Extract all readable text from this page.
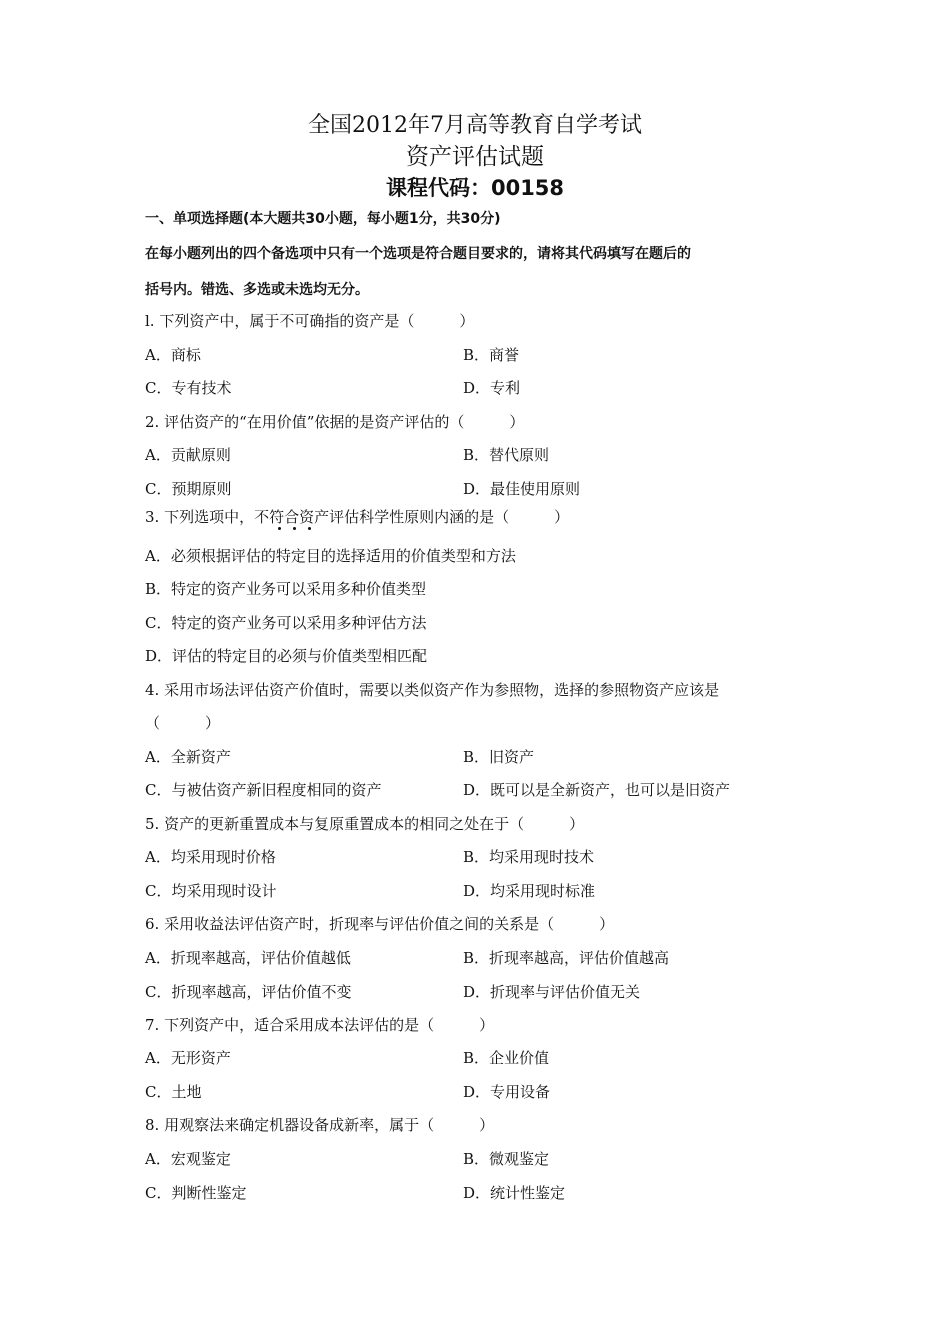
全国2012年7月高等教育自学考试
资产评估试题
课程代码：00158
一、单项选择题(本大题共30小题，每小题1分，共30分)
在每小题列出的四个备选项中只有一个选项是符合题目要求的，请将其代码填写在题后的
括号内。错选、多选或未选均无分。
l. 下列资产中，属于不可确指的资产是（　　　）
A．商标	B．商誉
C．专有技术	D．专利
2. 评估资产的“在用价值”依据的是资产评估的（　　　）
A．贡献原则	B．替代原则
C．预期原则	D．最佳使用原则
3. 下列选项中，不符合资产评估科学性原则内涵的是（　　　）
A．必须根据评估的特定目的选择适用的价值类型和方法
B．特定的资产业务可以采用多种价值类型
C．特定的资产业务可以采用多种评估方法
D．评估的特定目的必须与价值类型相匹配
4. 采用市场法评估资产价值时，需要以类似资产作为参照物，选择的参照物资产应该是
（　　　）
A．全新资产	B．旧资产
C．与被估资产新旧程度相同的资产	D．既可以是全新资产，也可以是旧资产
5. 资产的更新重置成本与复原重置成本的相同之处在于（　　　）
A．均采用现时价格	B．均采用现时技术
C．均采用现时设计	D．均采用现时标准
6. 采用收益法评估资产时，折现率与评估价值之间的关系是（　　　）
A．折现率越高，评估价值越低	B．折现率越高，评估价值越高
C．折现率越高，评估价值不变	D．折现率与评估价值无关
7. 下列资产中，适合采用成本法评估的是（　　　）
A．无形资产	B．企业价值
C．土地	D．专用设备
8. 用观察法来确定机器设备成新率，属于（　　　）
A．宏观鉴定	B．微观鉴定
C．判断性鉴定	D．统计性鉴定
